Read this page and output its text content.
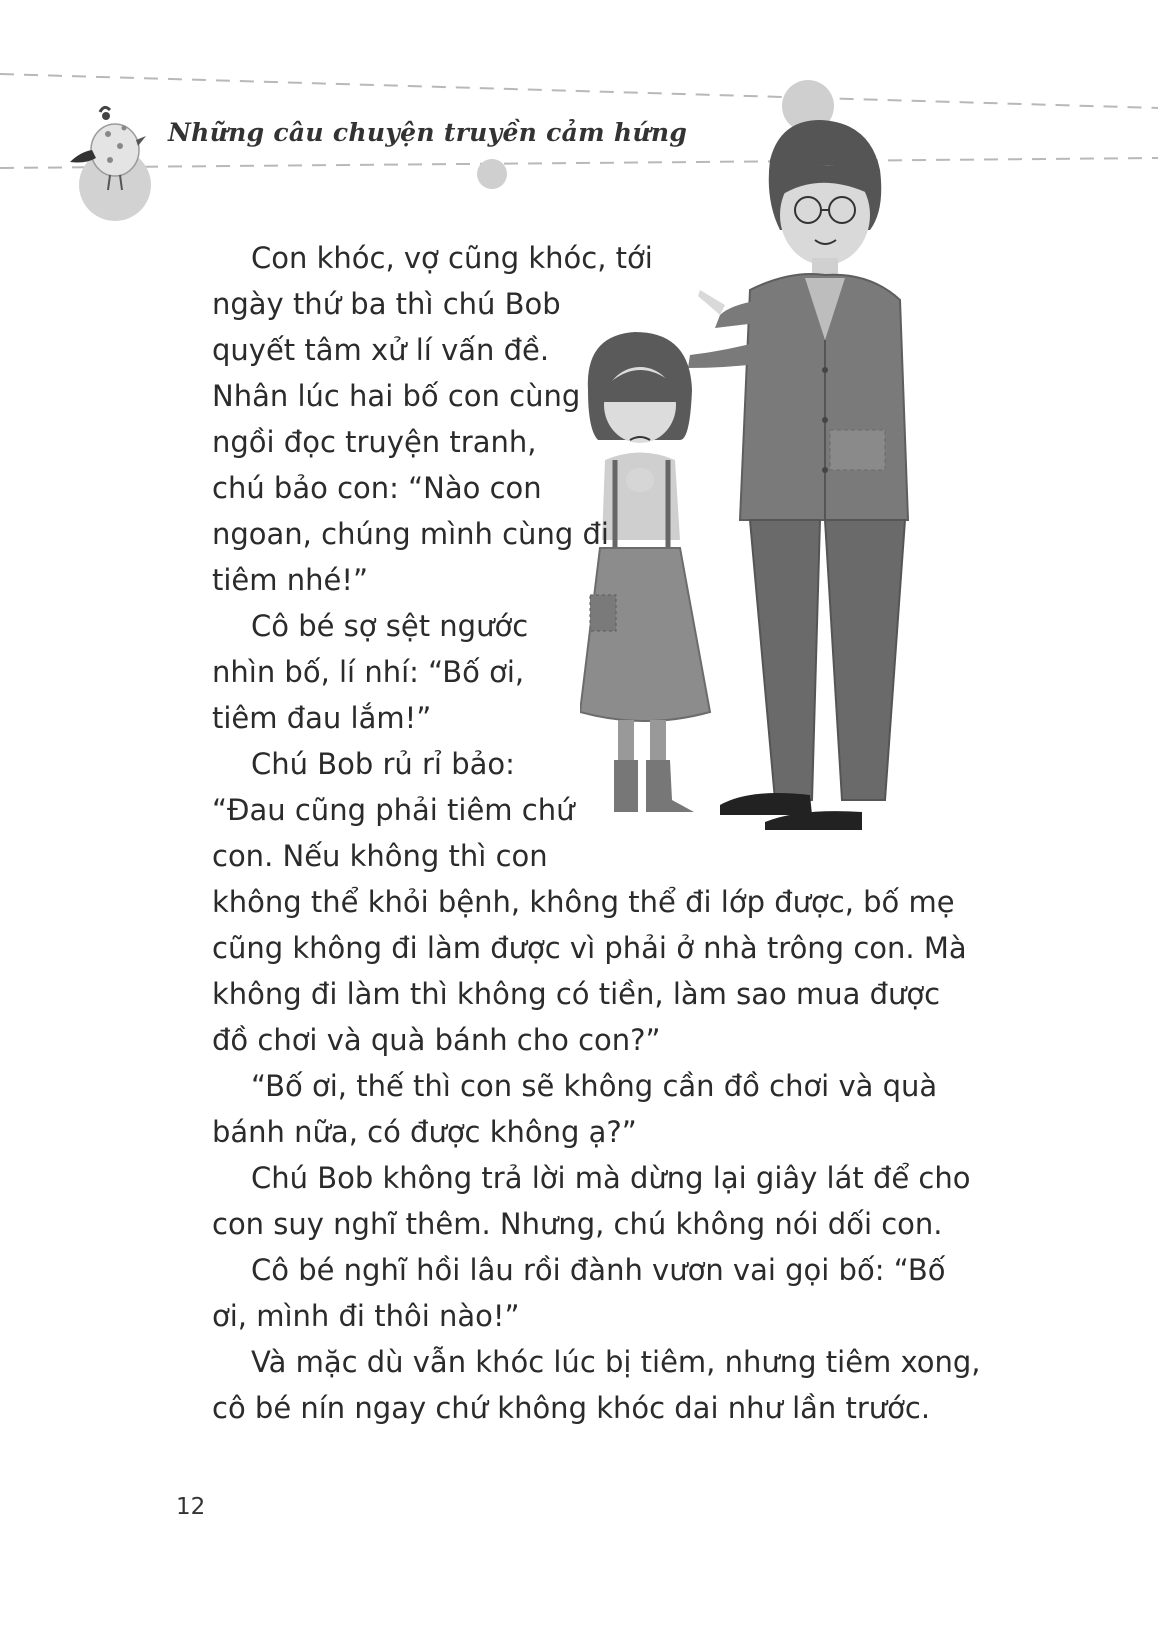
Những câu chuyện truyền cảm hứng
Con khóc, vợ cũng khóc, tới
ngày thứ ba thì chú Bob
quyết tâm xử lí vấn đề.
Nhân lúc hai bố con cùng
ngồi đọc truyện tranh,
chú bảo con: “Nào con
ngoan, chúng mình cùng đi
tiêm nhé!”
Cô bé sợ sệt ngước
nhìn bố, lí nhí: “Bố ơi,
tiêm đau lắm!”
Chú Bob rủ rỉ bảo:
“Đau cũng phải tiêm chứ
con. Nếu không thì con
không thể khỏi bệnh, không thể đi lớp được, bố mẹ
cũng không đi làm được vì phải ở nhà trông con. Mà
không đi làm thì không có tiền, làm sao mua được
đồ chơi và quà bánh cho con?”
“Bố ơi, thế thì con sẽ không cần đồ chơi và quà
bánh nữa, có được không ạ?”
Chú Bob không trả lời mà dừng lại giây lát để cho
con suy nghĩ thêm. Nhưng, chú không nói dối con.
Cô bé nghĩ hồi lâu rồi đành vươn vai gọi bố: “Bố
ơi, mình đi thôi nào!”
Và mặc dù vẫn khóc lúc bị tiêm, nhưng tiêm xong,
cô bé nín ngay chứ không khóc dai như lần trước.
12
